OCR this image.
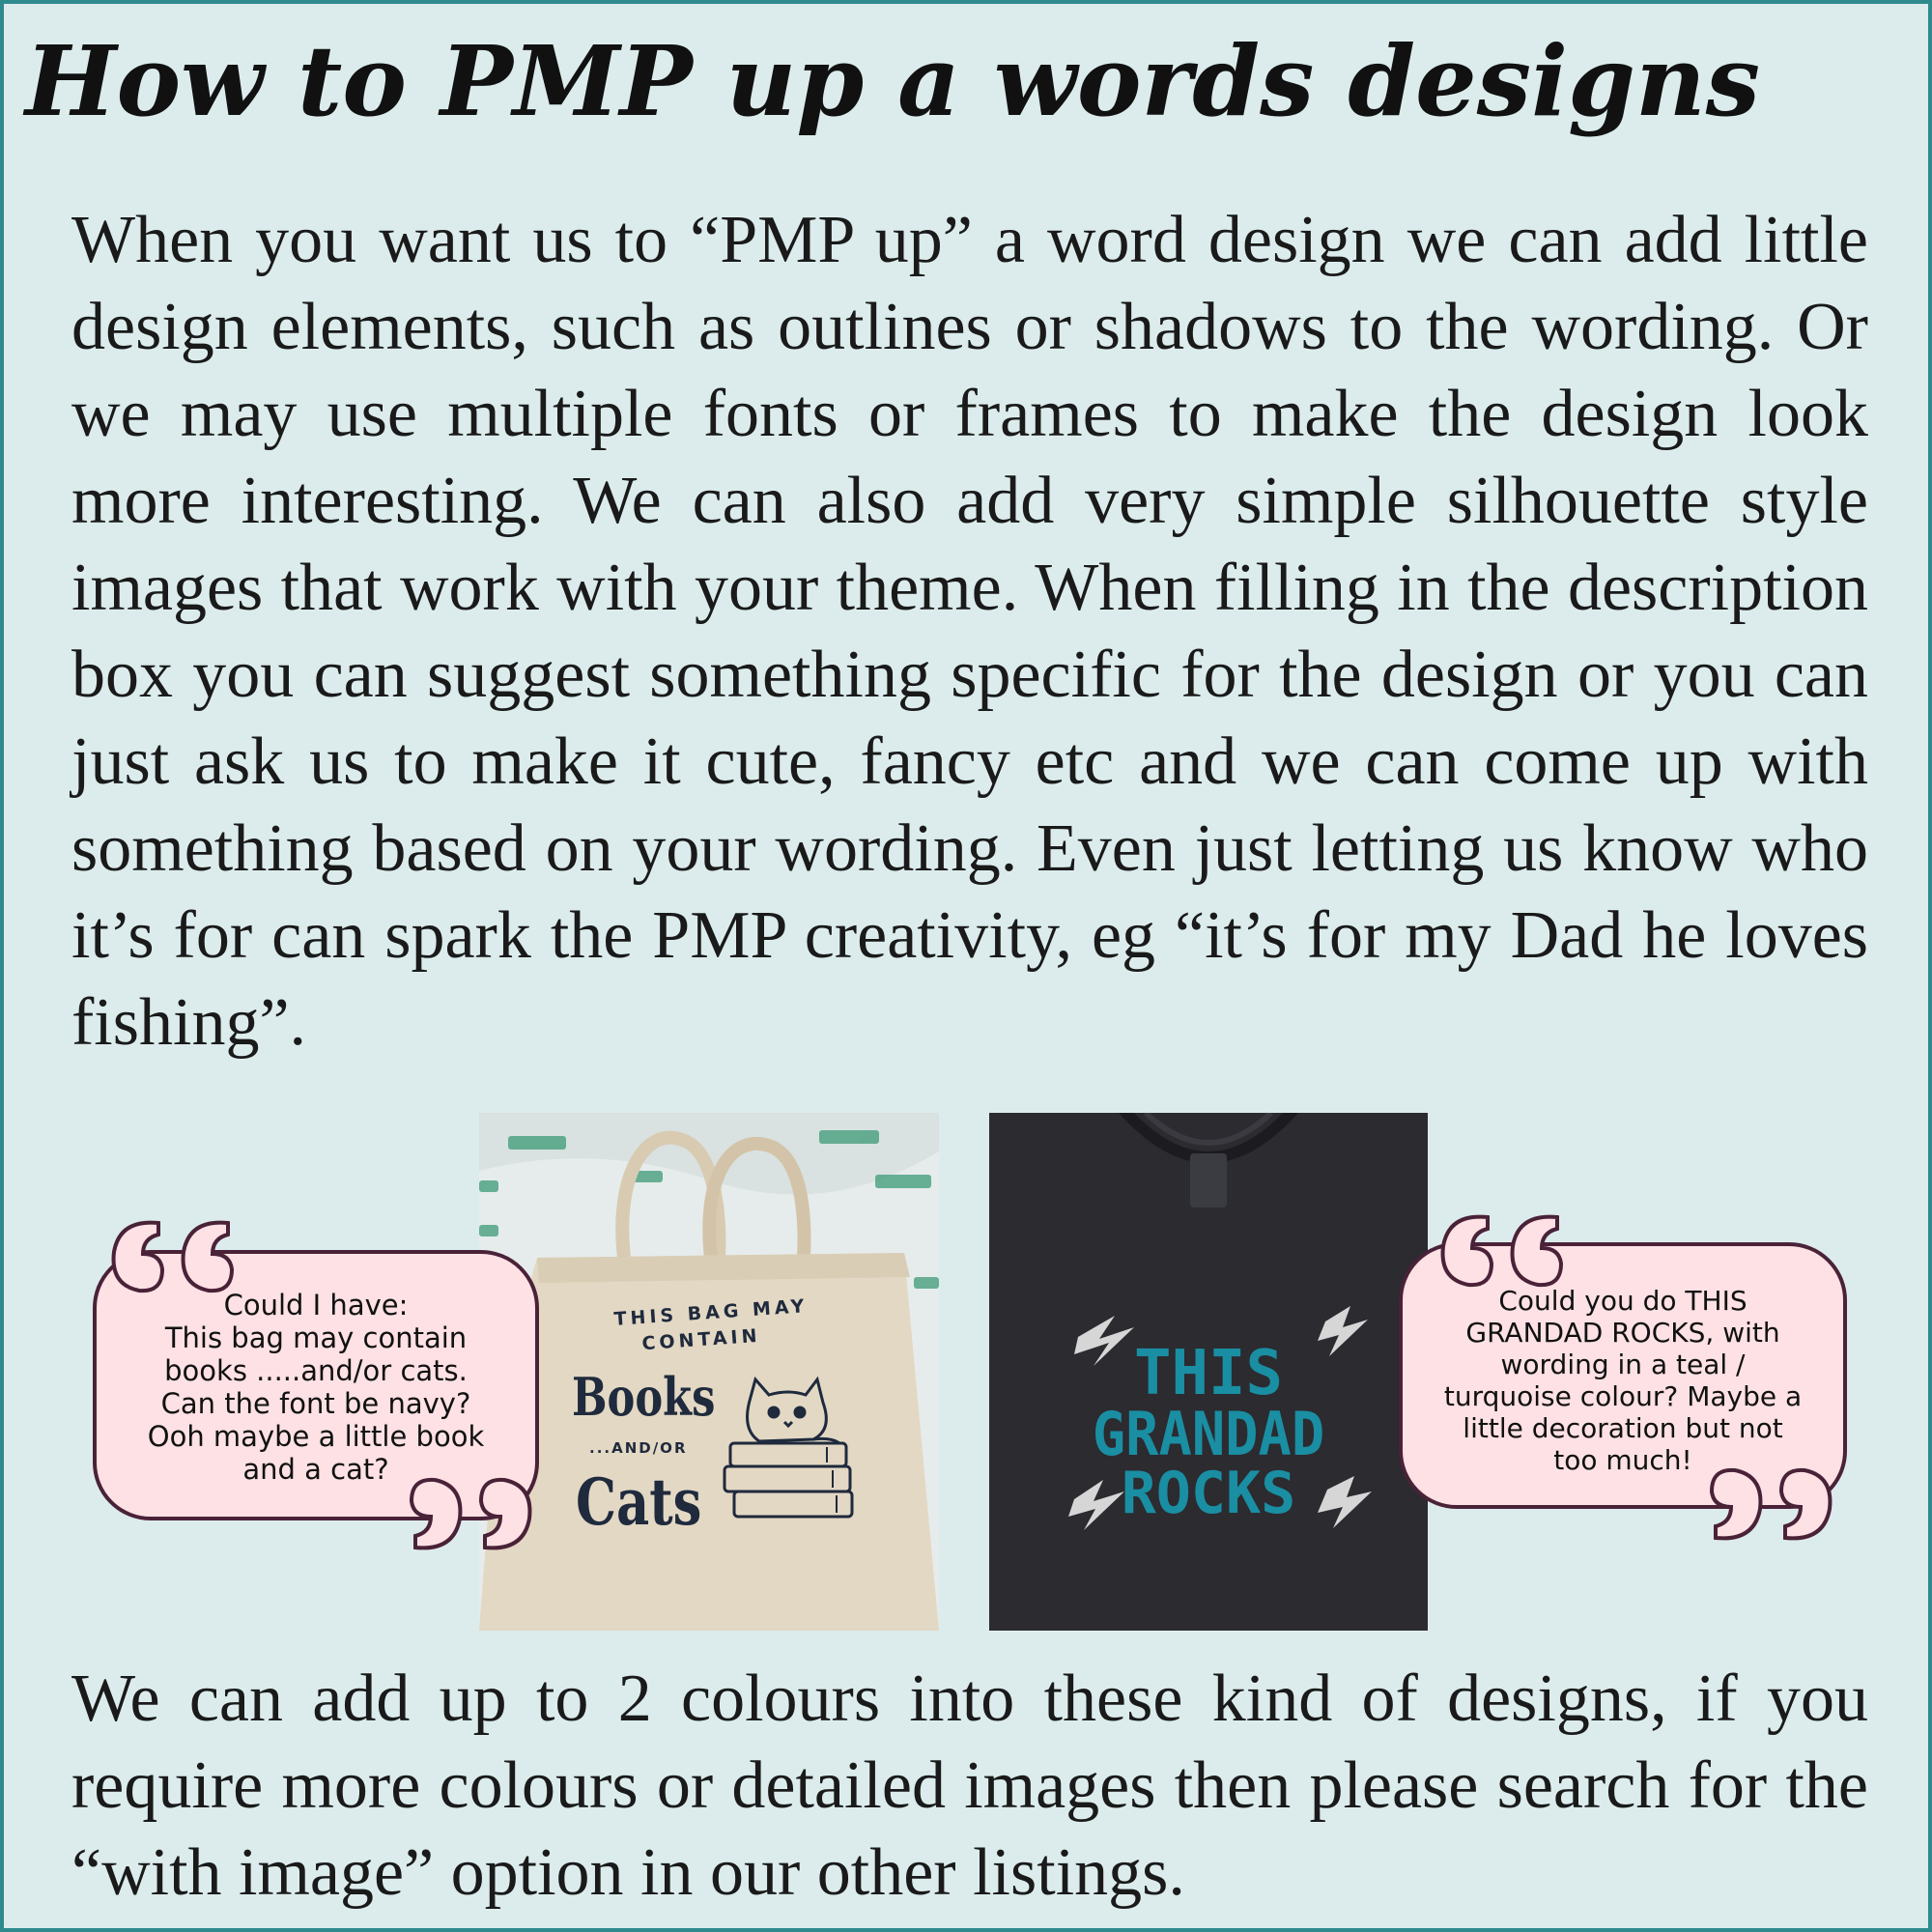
How to PMP up a words designs

When you want us to “PMP up” a word design we can add little design elements, such as outlines or shadows to the wording. Or we may use multiple fonts or frames to make the design look more interesting. We can also add very simple silhouette style images that work with your theme. When filling in the description box you can suggest something specific for the design or you can just ask us to make it cute, fancy etc and we can come up with something based on your wording. Even just letting us know who it’s for can spark the PMP creativity, eg “it’s for my Dad he loves fishing”.

THIS BAG MAY
CONTAIN
Books
...AND/OR
Cats
THIS
GRANDAD
ROCKS
Could I have:
This bag may contain
books .....and/or cats.
Can the font be navy?
Ooh maybe a little book
and a cat?
Could you do THIS
GRANDAD ROCKS, with
wording in a teal /
turquoise colour? Maybe a
little decoration but not
too much!

We can add up to 2 colours into these kind of designs, if you require more colours or detailed images then please search for the “with image” option in our other listings.
